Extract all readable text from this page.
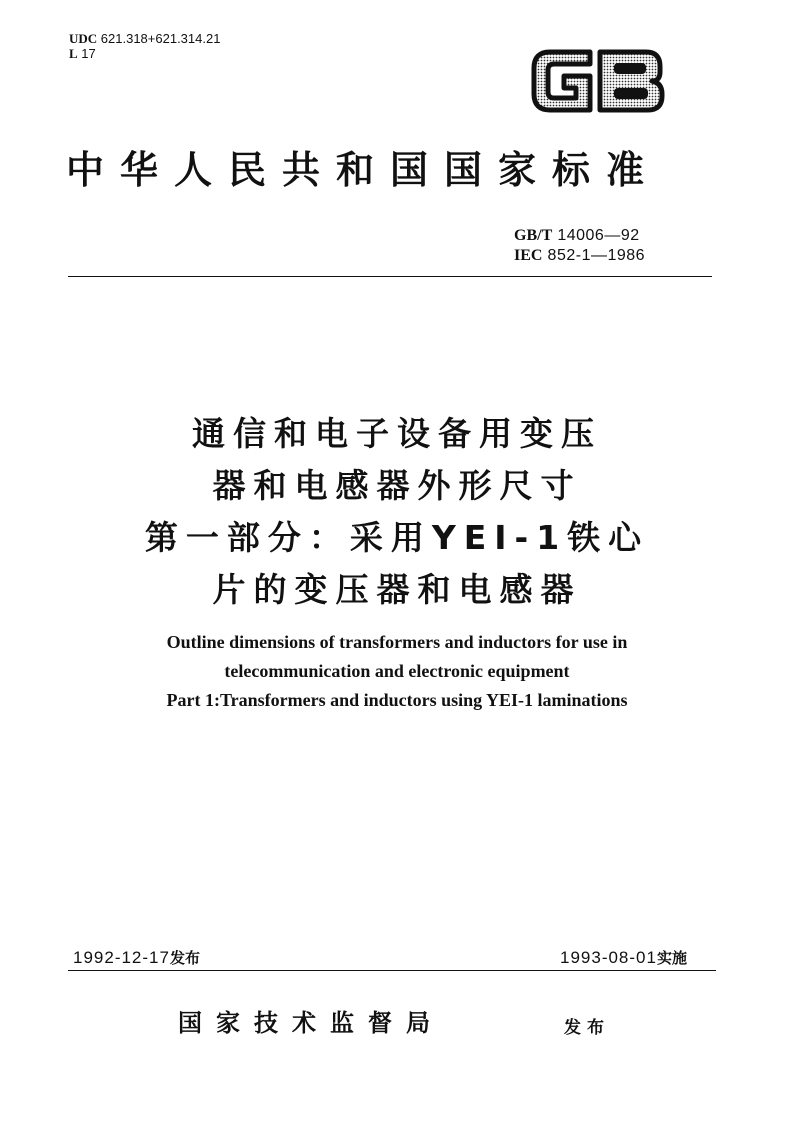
UDC 621.318+621.314.21
L 17
中华人民共和国国家标准
GB/T 14006—92
IEC 852-1—1986
通信和电子设备用变压
器和电感器外形尺寸
第一部分：采用YEI-1铁心
片的变压器和电感器
Outline dimensions of transformers and inductors for use in
telecommunication and electronic equipment
Part 1:Transformers and inductors using YEI-1 laminations
1992-12-17发布	1993-08-01实施
国家技术监督局	发布
